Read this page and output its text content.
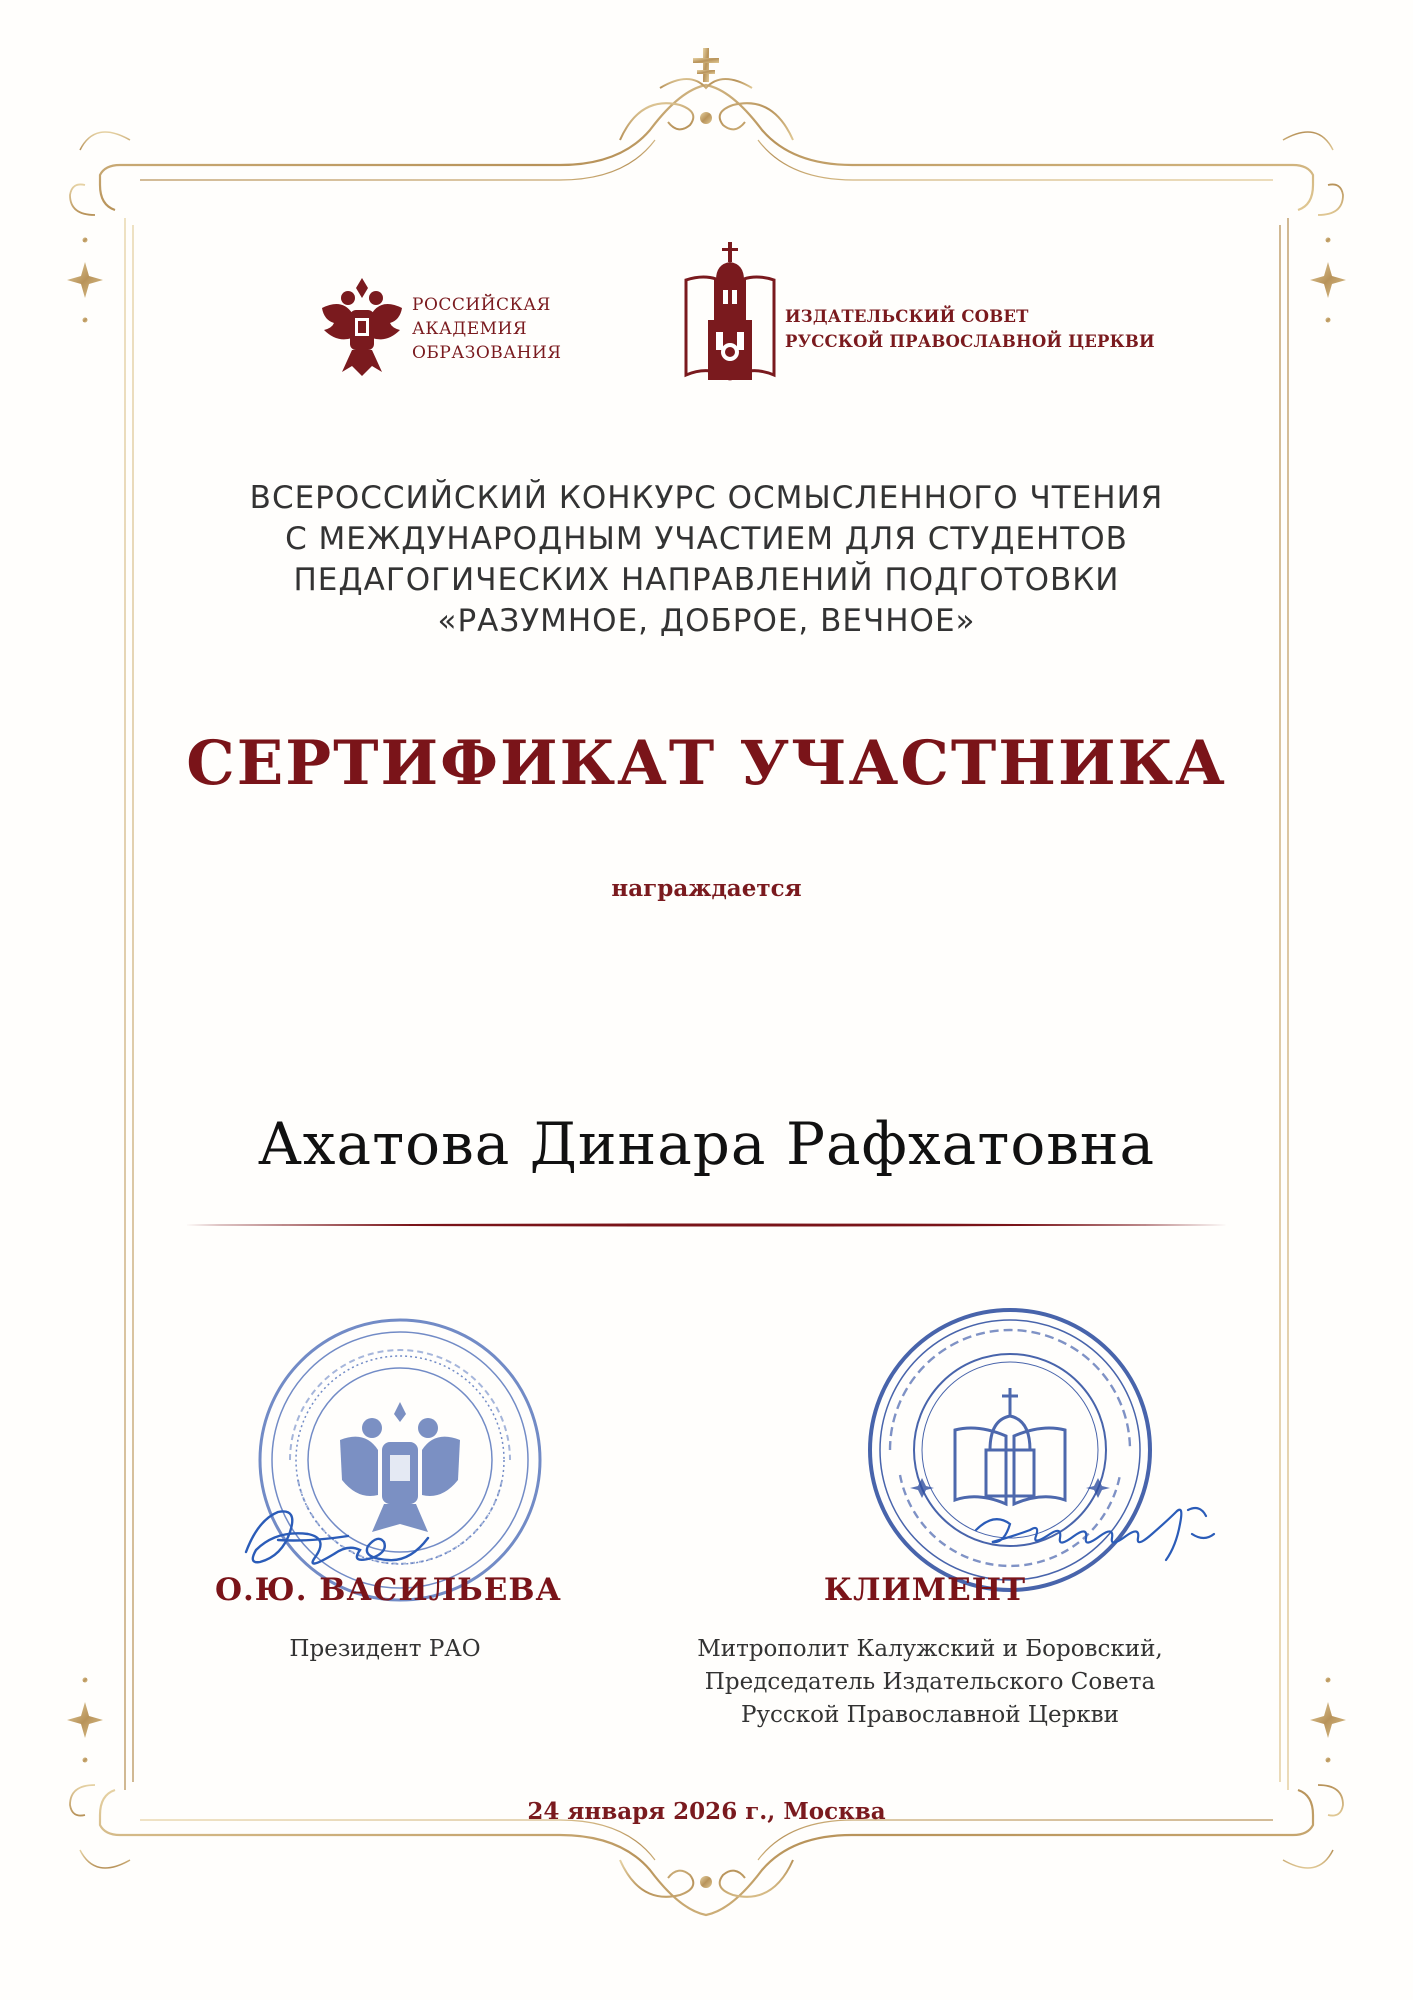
РОССИЙСКАЯ
АКАДЕМИЯ
ОБРАЗОВАНИЯ
ИЗДАТЕЛЬСКИЙ СОВЕТ
РУССКОЙ ПРАВОСЛАВНОЙ ЦЕРКВИ
ВСЕРОССИЙСКИЙ КОНКУРС ОСМЫСЛЕННОГО ЧТЕНИЯ
С МЕЖДУНАРОДНЫМ УЧАСТИЕМ ДЛЯ СТУДЕНТОВ
ПЕДАГОГИЧЕСКИХ НАПРАВЛЕНИЙ ПОДГОТОВКИ
«РАЗУМНОЕ, ДОБРОЕ, ВЕЧНОЕ»
СЕРТИФИКАТ УЧАСТНИКА
награждается
Ахатова Динара Рафхатовна
О.Ю. ВАСИЛЬЕВА
Президент РАО
КЛИМЕНТ
Митрополит Калужский и Боровский,
Председатель Издательского Совета
Русской Православной Церкви
24 января 2026 г., Москва
